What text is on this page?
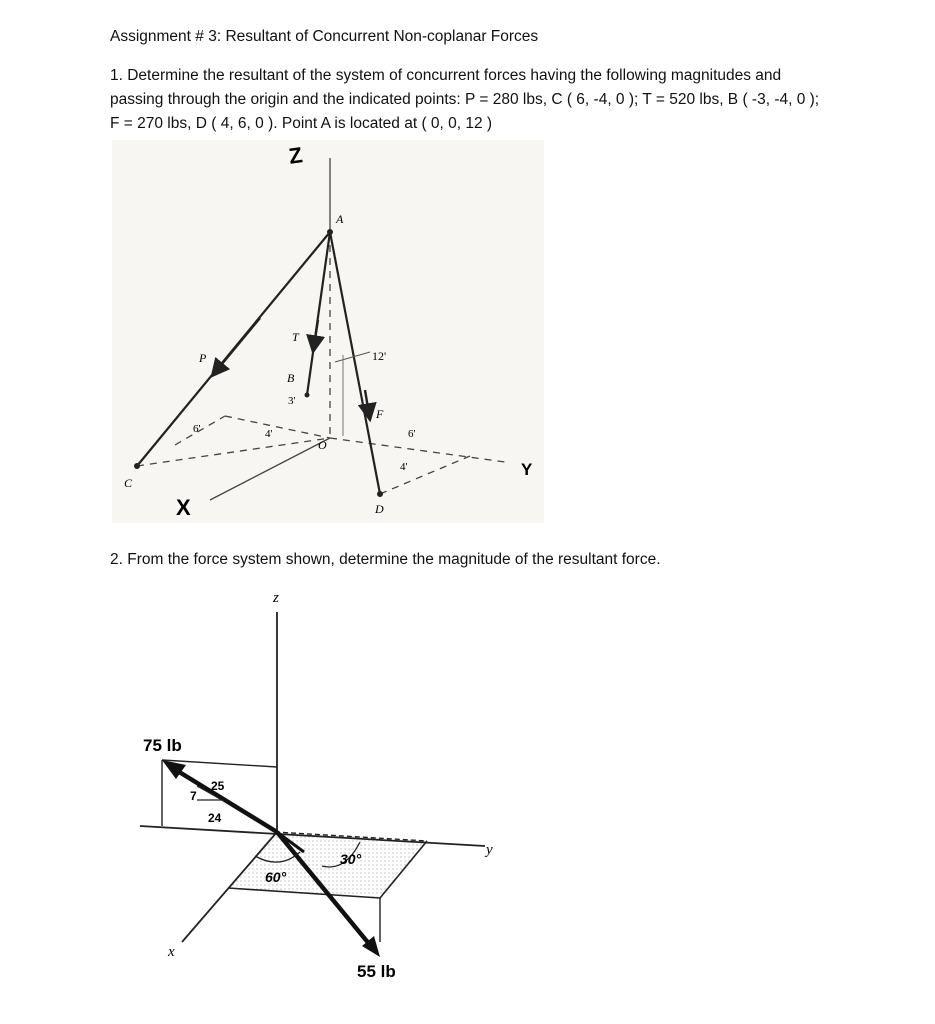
Assignment # 3: Resultant of Concurrent Non-coplanar Forces
1. Determine the resultant of the system of concurrent forces having the following magnitudes and passing through the origin and the indicated points: P = 280 lbs, C ( 6, -4, 0 ); T = 520 lbs, B ( -3, -4, 0 ); F = 270 lbs, D ( 4, 6, 0 ). Point A is located at ( 0, 0, 12 )
Z
X
Y
A
B
C
D
O
P
T
F
12'
6'	4'
3'
6'
4'
2. From the force system shown, determine the magnitude of the resultant force.
z
x
y
75 lb
55 lb
25
7
24
60°
30°
